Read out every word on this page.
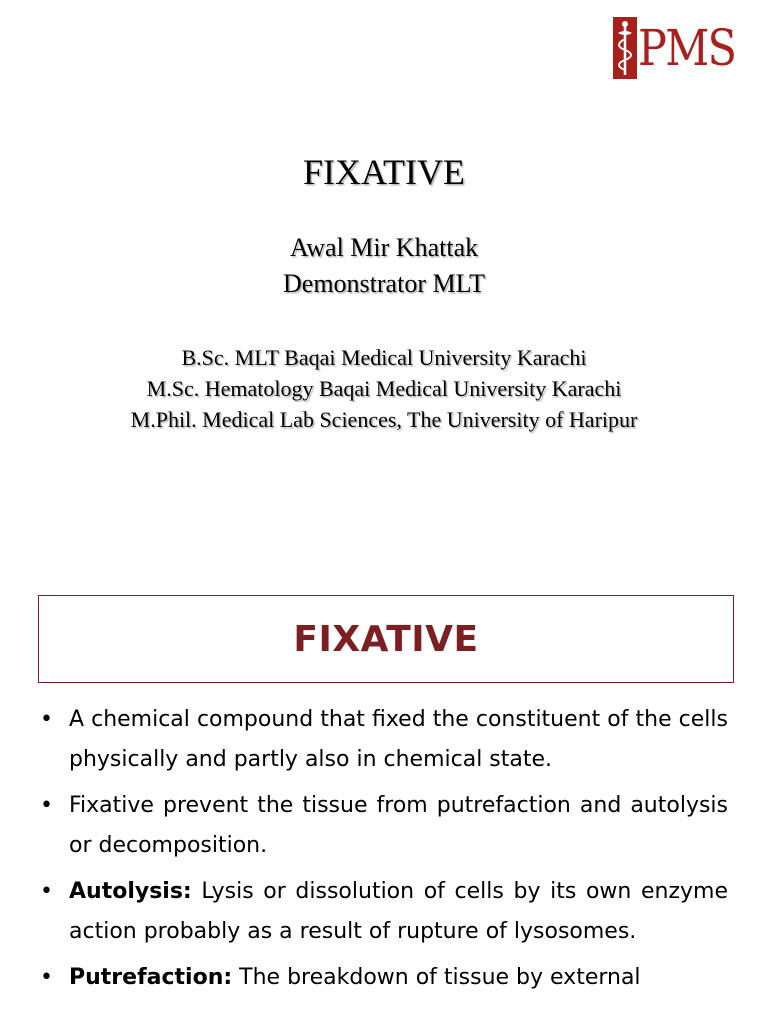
PMS
FIXATIVE
Awal Mir Khattak
Demonstrator MLT
B.Sc. MLT Baqai Medical University Karachi
M.Sc. Hematology Baqai Medical University Karachi
M.Phil. Medical Lab Sciences, The University of Haripur
FIXATIVE
• A chemical compound that fixed the constituent of the cells physically and partly also in chemical state.
• Fixative prevent the tissue from putrefaction and autolysis or decomposition.
• Autolysis: Lysis or dissolution of cells by its own enzyme action probably as a result of rupture of lysosomes.
• Putrefaction: The breakdown of tissue by external
